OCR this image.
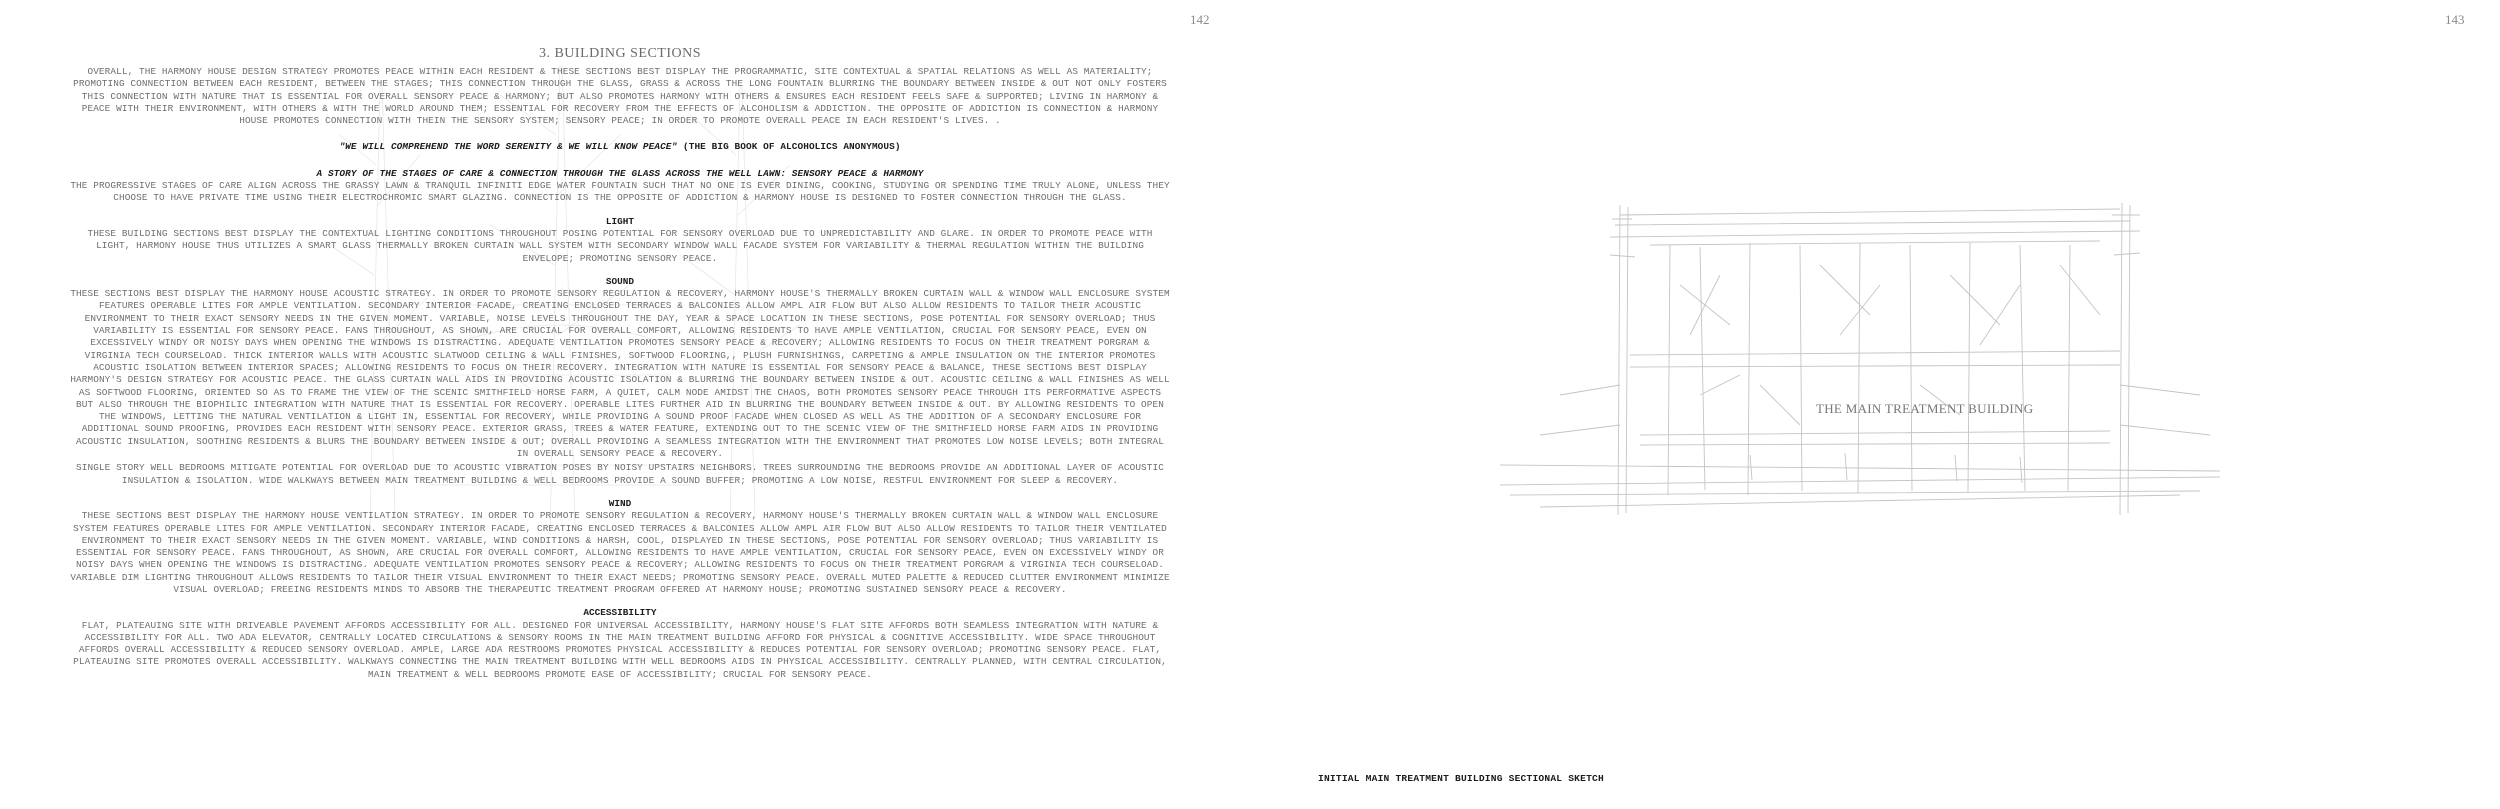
142
3. BUILDING SECTIONS

OVERALL, THE HARMONY HOUSE DESIGN STRATEGY PROMOTES PEACE WITHIN EACH RESIDENT & THESE SECTIONS BEST DISPLAY THE PROGRAMMATIC, SITE CONTEXTUAL & SPATIAL RELATIONS AS WELL AS MATERIALITY; PROMOTING CONNECTION BETWEEN EACH RESIDENT, BETWEEN THE STAGES; THIS CONNECTION THROUGH THE GLASS, GRASS & ACROSS THE LONG FOUNTAIN BLURRING THE BOUNDARY BETWEEN INSIDE & OUT NOT ONLY FOSTERS THIS CONNECTION WITH NATURE THAT IS ESSENTIAL FOR OVERALL SENSORY PEACE & HARMONY; BUT ALSO PROMOTES HARMONY WITH OTHERS & ENSURES EACH RESIDENT FEELS SAFE & SUPPORTED; LIVING IN HARMONY & PEACE WITH THEIR ENVIRONMENT, WITH OTHERS & WITH THE WORLD AROUND THEM; ESSENTIAL FOR RECOVERY FROM THE EFFECTS OF ALCOHOLISM & ADDICTION. THE OPPOSITE OF ADDICTION IS CONNECTION & HARMONY HOUSE PROMOTES CONNECTION WITH THEIN THE SENSORY SYSTEM; SENSORY PEACE; IN ORDER TO PROMOTE OVERALL PEACE IN EACH RESIDENT'S LIVES. .

"WE WILL COMPREHEND THE WORD SERENITY & WE WILL KNOW PEACE" (THE BIG BOOK OF ALCOHOLICS ANONYMOUS)

A STORY OF THE STAGES OF CARE & CONNECTION THROUGH THE GLASS ACROSS THE WELL LAWN: SENSORY PEACE & HARMONY

THE PROGRESSIVE STAGES OF CARE ALIGN ACROSS THE GRASSY LAWN & TRANQUIL INFINITI EDGE WATER FOUNTAIN SUCH THAT NO ONE IS EVER DINING, COOKING, STUDYING OR SPENDING TIME TRULY ALONE, UNLESS THEY CHOOSE TO HAVE PRIVATE TIME USING THEIR ELECTROCHROMIC SMART GLAZING. CONNECTION IS THE OPPOSITE OF ADDICTION & HARMONY HOUSE IS DESIGNED TO FOSTER CONNECTION THROUGH THE GLASS.

LIGHT

THESE BUILDING SECTIONS BEST DISPLAY THE CONTEXTUAL LIGHTING CONDITIONS THROUGHOUT POSING POTENTIAL FOR SENSORY OVERLOAD DUE TO UNPREDICTABILITY AND GLARE. IN ORDER TO PROMOTE PEACE WITH LIGHT, HARMONY HOUSE THUS UTILIZES A SMART GLASS THERMALLY BROKEN CURTAIN WALL SYSTEM WITH SECONDARY WINDOW WALL FACADE SYSTEM FOR VARIABILITY & THERMAL REGULATION WITHIN THE BUILDING ENVELOPE; PROMOTING SENSORY PEACE.

SOUND

THESE SECTIONS BEST DISPLAY THE HARMONY HOUSE ACOUSTIC STRATEGY. IN ORDER TO PROMOTE SENSORY REGULATION & RECOVERY, HARMONY HOUSE'S THERMALLY BROKEN CURTAIN WALL & WINDOW WALL ENCLOSURE SYSTEM FEATURES OPERABLE LITES FOR AMPLE VENTILATION. SECONDARY INTERIOR FACADE, CREATING ENCLOSED TERRACES & BALCONIES ALLOW AMPL AIR FLOW BUT ALSO ALLOW RESIDENTS TO TAILOR THEIR ACOUSTIC ENVIRONMENT TO THEIR EXACT SENSORY NEEDS IN THE GIVEN MOMENT. VARIABLE, NOISE LEVELS THROUGHOUT THE DAY, YEAR & SPACE LOCATION IN THESE SECTIONS, POSE POTENTIAL FOR SENSORY OVERLOAD; THUS VARIABILITY IS ESSENTIAL FOR SENSORY PEACE. FANS THROUGHOUT, AS SHOWN, ARE CRUCIAL FOR OVERALL COMFORT, ALLOWING RESIDENTS TO HAVE AMPLE VENTILATION, CRUCIAL FOR SENSORY PEACE, EVEN ON EXCESSIVELY WINDY OR NOISY DAYS WHEN OPENING THE WINDOWS IS DISTRACTING. ADEQUATE VENTILATION PROMOTES SENSORY PEACE & RECOVERY; ALLOWING RESIDENTS TO FOCUS ON THEIR TREATMENT PORGRAM & VIRGINIA TECH COURSELOAD. THICK INTERIOR WALLS WITH ACOUSTIC SLATWOOD CEILING & WALL FINISHES, SOFTWOOD FLOORING,, PLUSH FURNISHINGS, CARPETING & AMPLE INSULATION ON THE INTERIOR PROMOTES ACOUSTIC ISOLATION BETWEEN INTERIOR SPACES; ALLOWING RESIDENTS TO FOCUS ON THEIR RECOVERY. INTEGRATION WITH NATURE IS ESSENTIAL FOR SENSORY PEACE & BALANCE, THESE SECTIONS BEST DISPLAY HARMONY'S DESIGN STRATEGY FOR ACOUSTIC PEACE. THE GLASS CURTAIN WALL AIDS IN PROVIDING ACOUSTIC ISOLATION & BLURRING THE BOUNDARY BETWEEN INSIDE & OUT. ACOUSTIC CEILING & WALL FINISHES AS WELL AS SOFTWOOD FLOORING, ORIENTED SO AS TO FRAME THE VIEW OF THE SCENIC SMITHFIELD HORSE FARM, A QUIET, CALM NODE AMIDST THE CHAOS, BOTH PROMOTES SENSORY PEACE THROUGH ITS PERFORMATIVE ASPECTS BUT ALSO THROUGH THE BIOPHILIC INTEGRATION WITH NATURE THAT IS ESSENTIAL FOR RECOVERY. OPERABLE LITES FURTHER AID IN BLURRING THE BOUNDARY BETWEEN INSIDE & OUT. BY ALLOWING RESIDENTS TO OPEN THE WINDOWS, LETTING THE NATURAL VENTILATION & LIGHT IN, ESSENTIAL FOR RECOVERY, WHILE PROVIDING A SOUND PROOF FACADE WHEN CLOSED AS WELL AS THE ADDITION OF A SECONDARY ENCLOSURE FOR ADDITIONAL SOUND PROOFING, PROVIDES EACH RESIDENT WITH SENSORY PEACE. EXTERIOR GRASS, TREES & WATER FEATURE, EXTENDING OUT TO THE SCENIC VIEW OF THE SMITHFIELD HORSE FARM AIDS IN PROVIDING ACOUSTIC INSULATION, SOOTHING RESIDENTS & BLURS THE BOUNDARY BETWEEN INSIDE & OUT; OVERALL PROVIDING A SEAMLESS INTEGRATION WITH THE ENVIRONMENT THAT PROMOTES LOW NOISE LEVELS; BOTH INTEGRAL IN OVERALL SENSORY PEACE & RECOVERY.

SINGLE STORY WELL BEDROOMS MITIGATE POTENTIAL FOR OVERLOAD DUE TO ACOUSTIC VIBRATION POSES BY NOISY UPSTAIRS NEIGHBORS. TREES SURROUNDING THE BEDROOMS PROVIDE AN ADDITIONAL LAYER OF ACOUSTIC INSULATION & ISOLATION. WIDE WALKWAYS BETWEEN MAIN TREATMENT BUILDING & WELL BEDROOMS PROVIDE A SOUND BUFFER; PROMOTING A LOW NOISE, RESTFUL ENVIRONMENT FOR SLEEP & RECOVERY.

WIND

THESE SECTIONS BEST DISPLAY THE HARMONY HOUSE VENTILATION STRATEGY. IN ORDER TO PROMOTE SENSORY REGULATION & RECOVERY, HARMONY HOUSE'S THERMALLY BROKEN CURTAIN WALL & WINDOW WALL ENCLOSURE SYSTEM FEATURES OPERABLE LITES FOR AMPLE VENTILATION. SECONDARY INTERIOR FACADE, CREATING ENCLOSED TERRACES & BALCONIES ALLOW AMPL AIR FLOW BUT ALSO ALLOW RESIDENTS TO TAILOR THEIR VENTILATED ENVIRONMENT TO THEIR EXACT SENSORY NEEDS IN THE GIVEN MOMENT. VARIABLE, WIND CONDITIONS & HARSH, COOL, DISPLAYED IN THESE SECTIONS, POSE POTENTIAL FOR SENSORY OVERLOAD; THUS VARIABILITY IS ESSENTIAL FOR SENSORY PEACE. FANS THROUGHOUT, AS SHOWN, ARE CRUCIAL FOR OVERALL COMFORT, ALLOWING RESIDENTS TO HAVE AMPLE VENTILATION, CRUCIAL FOR SENSORY PEACE, EVEN ON EXCESSIVELY WINDY OR NOISY DAYS WHEN OPENING THE WINDOWS IS DISTRACTING. ADEQUATE VENTILATION PROMOTES SENSORY PEACE & RECOVERY; ALLOWING RESIDENTS TO FOCUS ON THEIR TREATMENT PORGRAM & VIRGINIA TECH COURSELOAD. VARIABLE DIM LIGHTING THROUGHOUT ALLOWS RESIDENTS TO TAILOR THEIR VISUAL ENVIRONMENT TO THEIR EXACT NEEDS; PROMOTING SENSORY PEACE. OVERALL MUTED PALETTE & REDUCED CLUTTER ENVIRONMENT MINIMIZE VISUAL OVERLOAD; FREEING RESIDENTS MINDS TO ABSORB THE THERAPEUTIC TREATMENT PROGRAM OFFERED AT HARMONY HOUSE; PROMOTING SUSTAINED SENSORY PEACE & RECOVERY.

ACCESSIBILITY

FLAT, PLATEAUING SITE WITH DRIVEABLE PAVEMENT AFFORDS ACCESSIBILITY FOR ALL. DESIGNED FOR UNIVERSAL ACCESSIBILITY, HARMONY HOUSE'S FLAT SITE AFFORDS BOTH SEAMLESS INTEGRATION WITH NATURE & ACCESSIBILITY FOR ALL. TWO ADA ELEVATOR, CENTRALLY LOCATED CIRCULATIONS & SENSORY ROOMS IN THE MAIN TREATMENT BUILDING AFFORD FOR PHYSICAL & COGNITIVE ACCESSIBILITY. WIDE SPACE THROUGHOUT AFFORDS OVERALL ACCESSIBILITY & REDUCED SENSORY OVERLOAD. AMPLE, LARGE ADA RESTROOMS PROMOTES PHYSICAL ACCESSIBILITY & REDUCES POTENTIAL FOR SENSORY OVERLOAD; PROMOTING SENSORY PEACE. FLAT, PLATEAUING SITE PROMOTES OVERALL ACCESSIBILITY. WALKWAYS CONNECTING THE MAIN TREATMENT BUILDING WITH WELL BEDROOMS AIDS IN PHYSICAL ACCESSIBILITY. CENTRALLY PLANNED, WITH CENTRAL CIRCULATION, MAIN TREATMENT & WELL BEDROOMS PROMOTE EASE OF ACCESSIBILITY; CRUCIAL FOR SENSORY PEACE.

143
THE MAIN TREATMENT BUILDING
INITIAL MAIN TREATMENT BUILDING SECTIONAL SKETCH
